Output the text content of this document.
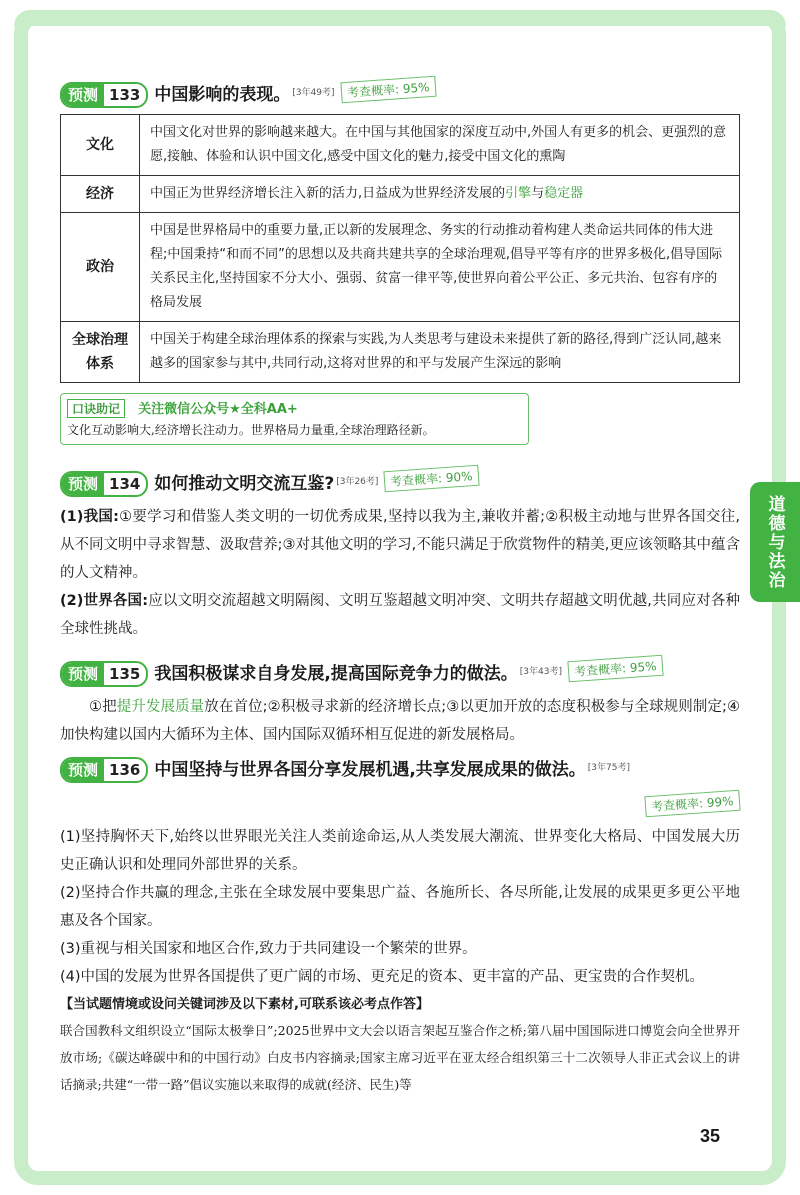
道德与法治
预测 133 中国影响的表现。 [3年49考] 考查概率: 95%
文化	中国文化对世界的影响越来越大。在中国与其他国家的深度互动中,外国人有更多的机会、更强烈的意愿,接触、体验和认识中国文化,感受中国文化的魅力,接受中国文化的熏陶
经济	中国正为世界经济增长注入新的活力,日益成为世界经济发展的引擎与稳定器
政治	中国是世界格局中的重要力量,正以新的发展理念、务实的行动推动着构建人类命运共同体的伟大进程;中国秉持“和而不同”的思想以及共商共建共享的全球治理观,倡导平等有序的世界多极化,倡导国际关系民主化,坚持国家不分大小、强弱、贫富一律平等,使世界向着公平公正、多元共治、包容有序的格局发展
全球治理体系	中国关于构建全球治理体系的探索与实践,为人类思考与建设未来提供了新的路径,得到广泛认同,越来越多的国家参与其中,共同行动,这将对世界的和平与发展产生深远的影响
口诀助记 关注微信公众号★全科AA+
文化互动影响大,经济增长注动力。世界格局力量重,全球治理路径新。
预测 134 如何推动文明交流互鉴? [3年26考] 考查概率: 90%
(1)我国:①要学习和借鉴人类文明的一切优秀成果,坚持以我为主,兼收并蓄;②积极主动地与世界各国交往,从不同文明中寻求智慧、汲取营养;③对其他文明的学习,不能只满足于欣赏物件的精美,更应该领略其中蕴含的人文精神。
(2)世界各国:应以文明交流超越文明隔阂、文明互鉴超越文明冲突、文明共存超越文明优越,共同应对各种全球性挑战。
预测 135 我国积极谋求自身发展,提高国际竞争力的做法。 [3年43考] 考查概率: 95%
①把提升发展质量放在首位;②积极寻求新的经济增长点;③以更加开放的态度积极参与全球规则制定;④加快构建以国内大循环为主体、国内国际双循环相互促进的新发展格局。
预测 136 中国坚持与世界各国分享发展机遇,共享发展成果的做法。 [3年75考]
考查概率: 99%
(1)坚持胸怀天下,始终以世界眼光关注人类前途命运,从人类发展大潮流、世界变化大格局、中国发展大历史正确认识和处理同外部世界的关系。
(2)坚持合作共赢的理念,主张在全球发展中要集思广益、各施所长、各尽所能,让发展的成果更多更公平地惠及各个国家。
(3)重视与相关国家和地区合作,致力于共同建设一个繁荣的世界。
(4)中国的发展为世界各国提供了更广阔的市场、更充足的资本、更丰富的产品、更宝贵的合作契机。
【当试题情境或设问关键词涉及以下素材,可联系该必考点作答】
联合国教科文组织设立“国际太极拳日”;2025世界中文大会以语言架起互鉴合作之桥;第八届中国国际进口博览会向全世界开放市场;《碳达峰碳中和的中国行动》白皮书内容摘录;国家主席习近平在亚太经合组织第三十二次领导人非正式会议上的讲话摘录;共建“一带一路”倡议实施以来取得的成就(经济、民生)等
35
